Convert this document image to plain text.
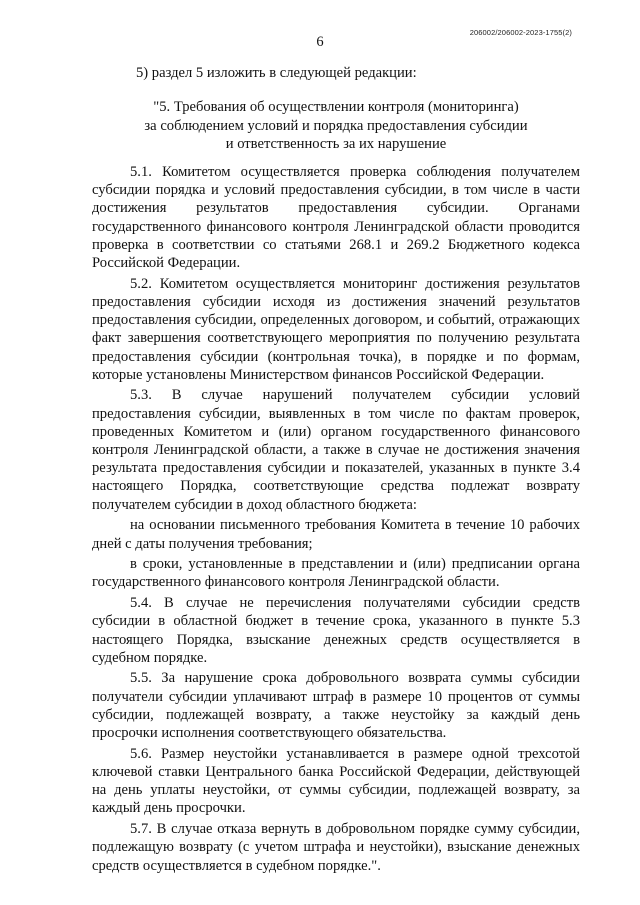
206002/206002-2023-1755(2)
6
5) раздел 5 изложить в следующей редакции:
"5. Требования об осуществлении контроля (мониторинга)
за соблюдением условий и порядка предоставления субсидии
и ответственность за их нарушение

5.1. Комитетом осуществляется проверка соблюдения получателем субсидии порядка и условий предоставления субсидии, в том числе в части достижения результатов предоставления субсидии. Органами государственного финансового контроля Ленинградской области проводится проверка в соответствии со статьями 268.1 и 269.2 Бюджетного кодекса Российской Федерации.

5.2. Комитетом осуществляется мониторинг достижения результатов предоставления субсидии исходя из достижения значений результатов предоставления субсидии, определенных договором, и событий, отражающих факт завершения соответствующего мероприятия по получению результата предоставления субсидии (контрольная точка), в порядке и по формам, которые установлены Министерством финансов Российской Федерации.

5.3. В случае нарушений получателем субсидии условий предоставления субсидии, выявленных в том числе по фактам проверок, проведенных Комитетом и (или) органом государственного финансового контроля Ленинградской области, а также в случае не достижения значения результата предоставления субсидии и показателей, указанных в пункте 3.4 настоящего Порядка, соответствующие средства подлежат возврату получателем субсидии в доход областного бюджета:

на основании письменного требования Комитета в течение 10 рабочих дней с даты получения требования;

в сроки, установленные в представлении и (или) предписании органа государственного финансового контроля Ленинградской области.

5.4. В случае не перечисления получателями субсидии средств субсидии в областной бюджет в течение срока, указанного в пункте 5.3 настоящего Порядка, взыскание денежных средств осуществляется в судебном порядке.

5.5. За нарушение срока добровольного возврата суммы субсидии получатели субсидии уплачивают штраф в размере 10 процентов от суммы субсидии, подлежащей возврату, а также неустойку за каждый день просрочки исполнения соответствующего обязательства.

5.6. Размер неустойки устанавливается в размере одной трехсотой ключевой ставки Центрального банка Российской Федерации, действующей на день уплаты неустойки, от суммы субсидии, подлежащей возврату, за каждый день просрочки.

5.7. В случае отказа вернуть в добровольном порядке сумму субсидии, подлежащую возврату (с учетом штрафа и неустойки), взыскание денежных средств осуществляется в судебном порядке.".
